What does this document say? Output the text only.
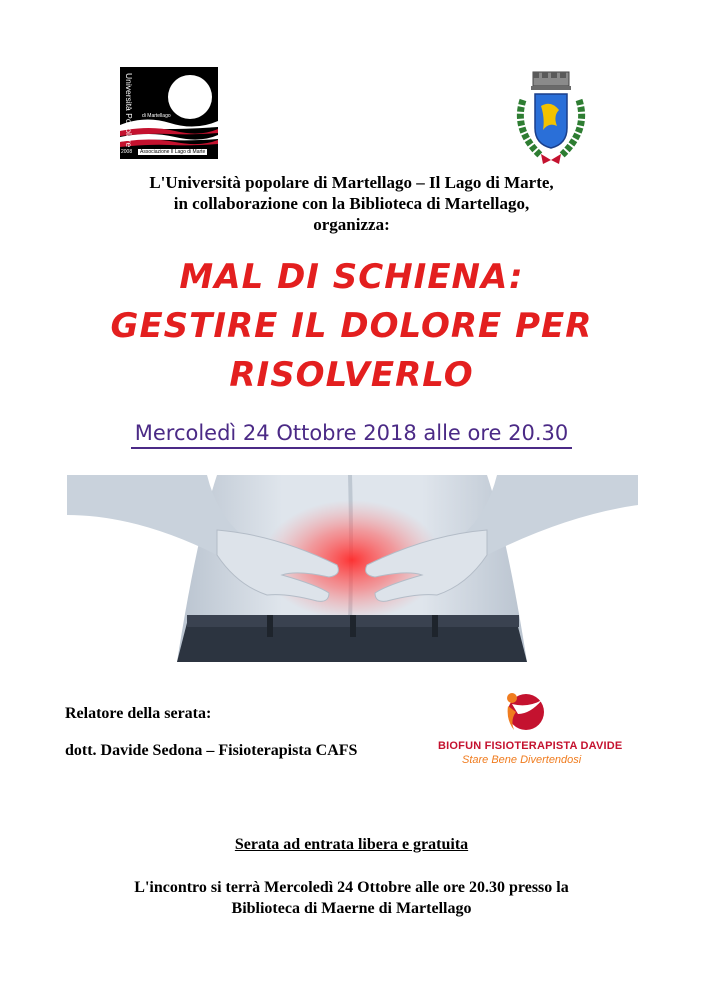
Università Popolare di Martellago
2008	Associazione Il Lago di Marte
L'Università popolare di Martellago – Il Lago di Marte,
in collaborazione con la Biblioteca di Martellago,
organizza:
MAL DI SCHIENA:
GESTIRE IL DOLORE PER
RISOLVERLO
Mercoledì 24 Ottobre 2018 alle ore 20.30
Relatore della serata:
dott. Davide Sedona – Fisioterapista CAFS	BIOFUN FISIOTERAPISTA DAVIDE
Stare Bene Divertendosi
Serata ad entrata libera e gratuita
L'incontro si terrà Mercoledì 24 Ottobre alle ore 20.30 presso la
Biblioteca di Maerne di Martellago
